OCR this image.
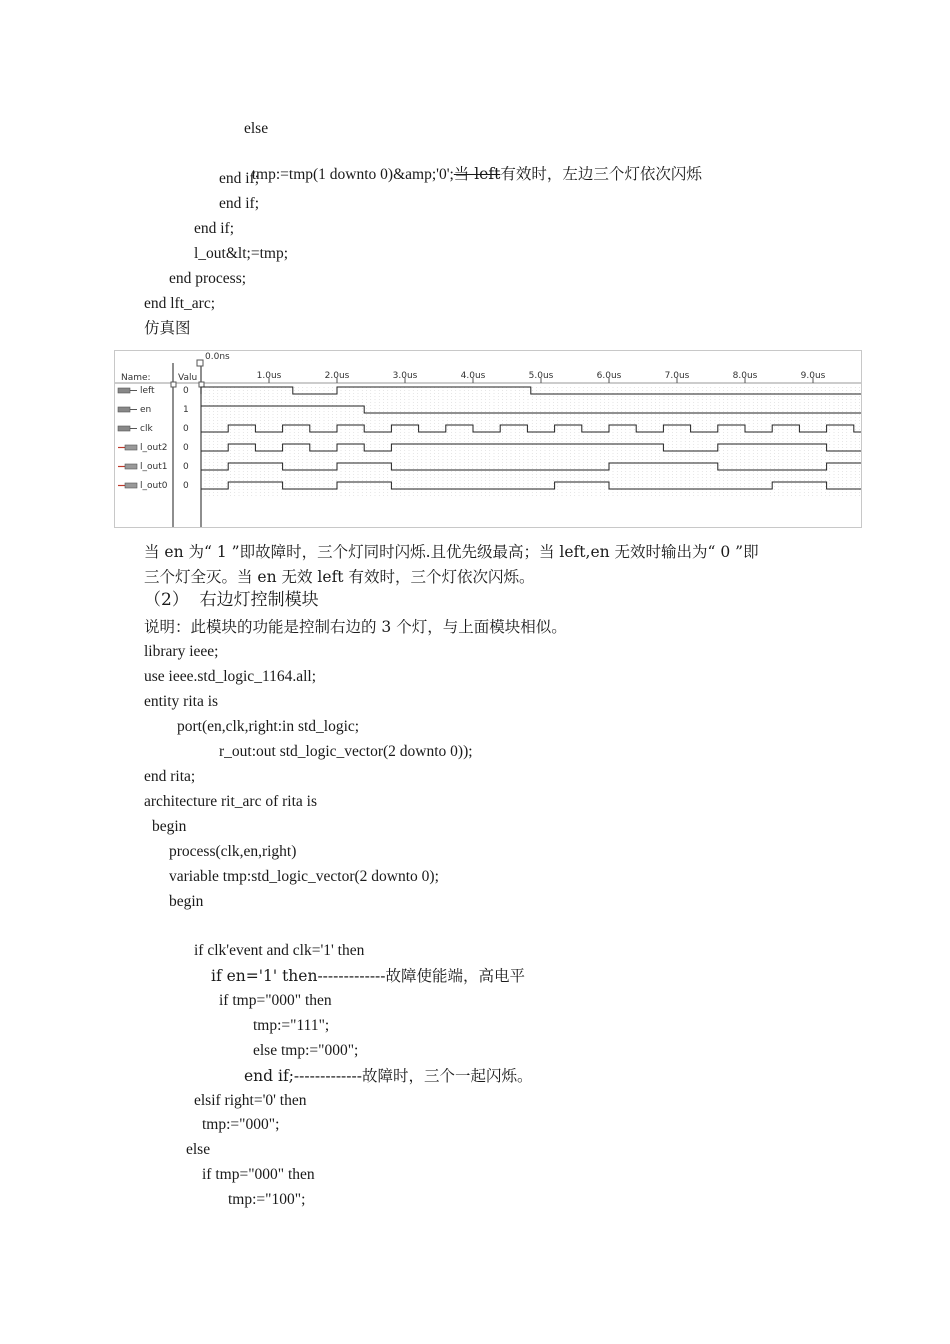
else

tmp:=tmp(1 downto 0)&amp;'0';当 left有效时，左边三个灯依次闪烁

end if;
end if;
end if;
l_out&lt;=tmp;
end process;
end lft_arc;
仿真图
Name:	Valu
0.0ns
1.0us	2.0us	3.0us	4.0us	5.0us	6.0us	7.0us	8.0us	9.0us
left	0
en	1
clk	0
l_out2 0
l_out1 0
l_out0 0
当 en 为“ 1 ”即故障时，三个灯同时闪烁.且优先级最高；当 left,en 无效时输出为“ 0 ”即
三个灯全灭。当 en 无效 left 有效时，三个灯依次闪烁。
（2）  右边灯控制模块
说明：此模块的功能是控制右边的 3 个灯，与上面模块相似。
library ieee;
use ieee.std_logic_1164.all;
entity rita is
port(en,clk,right:in std_logic;
r_out:out std_logic_vector(2 downto 0));
end rita;
architecture rit_arc of rita is
begin
process(clk,en,right)
variable tmp:std_logic_vector(2 downto 0);
begin
if clk'event and clk='1' then
if en='1' then-------------故障使能端，高电平
if tmp="000" then
tmp:="111";
else tmp:="000";
end if;-------------故障时，三个一起闪烁。
elsif right='0' then
tmp:="000";
else
if tmp="000" then
tmp:="100";
